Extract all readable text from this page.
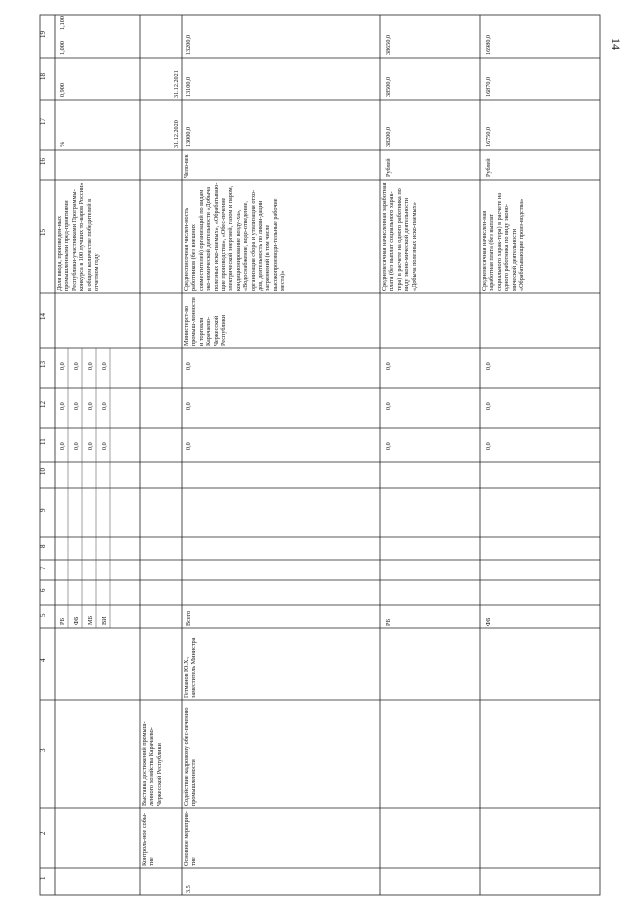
14
1
2
3
4
5
6
7
8
9
10
11
12
13
14
15
16
17
18
19
РБ ФБ МБ ВИ
0,0 0,0 0,0 0,0
0,0 0,0 0,0 0,0
0,0 0,0 0,0 0,0
Доля ввода, произведен-ных промышленными пред-приятиями Республики-участниками Программы-конкурса в 100 лучших то-варов России» в общем количестве победителей в отчетном году
%
0,900
1,000
1,100
Контроль-ное собы-тие
Выставка достижений промыш-ленного хозяйства Карачаево-Черкесской Республики
31.12.2020
31.12.2021
3.5
Основное мероприя-тие
Содействие кадровому обес-печению промышленности
Гетманов Ю.Х., заместитель Министра
Всего
0,0
0,0
0,0
Министерст-во промыш-ленности и торговли Карачаево-Черкесской Республики
Среднесписочная числен-ность работников (без внешних совместителей) организаций по видам эко-номической деятельности «Добыча полезных иско-паемых», «Обрабатываю-щие производства», «Обес-печение электрической энергией, газом и паром, кондиционирование возду-ха», «Водоснабжение, водо-отведение, организация сбора и утилизация отхо-дов, деятельность по ликви-дации загрязнений (в том числе высокопроизводи-тельные рабочие места)»
Чело-век
13000,0
13100,0
13200,0
РБ
0,0
0,0
0,0
Среднемесячная начисленная заработная плата (без выплат социального харак-тера) в расчете на одного работника по виду эконо-мической деятельности «Добыча полезных иско-паемых»
Рублей
38200,0
38500,0
38650,0
ФБ
0,0
0,0
0,0
Среднемесячная начислен-ная заработная плата (без выплат социального харак-тера) в расчете на одного работника по виду эконо-мической деятельности «Обрабатывающие произ-водства»
Рублей
16750,0
16870,0
16980,0
